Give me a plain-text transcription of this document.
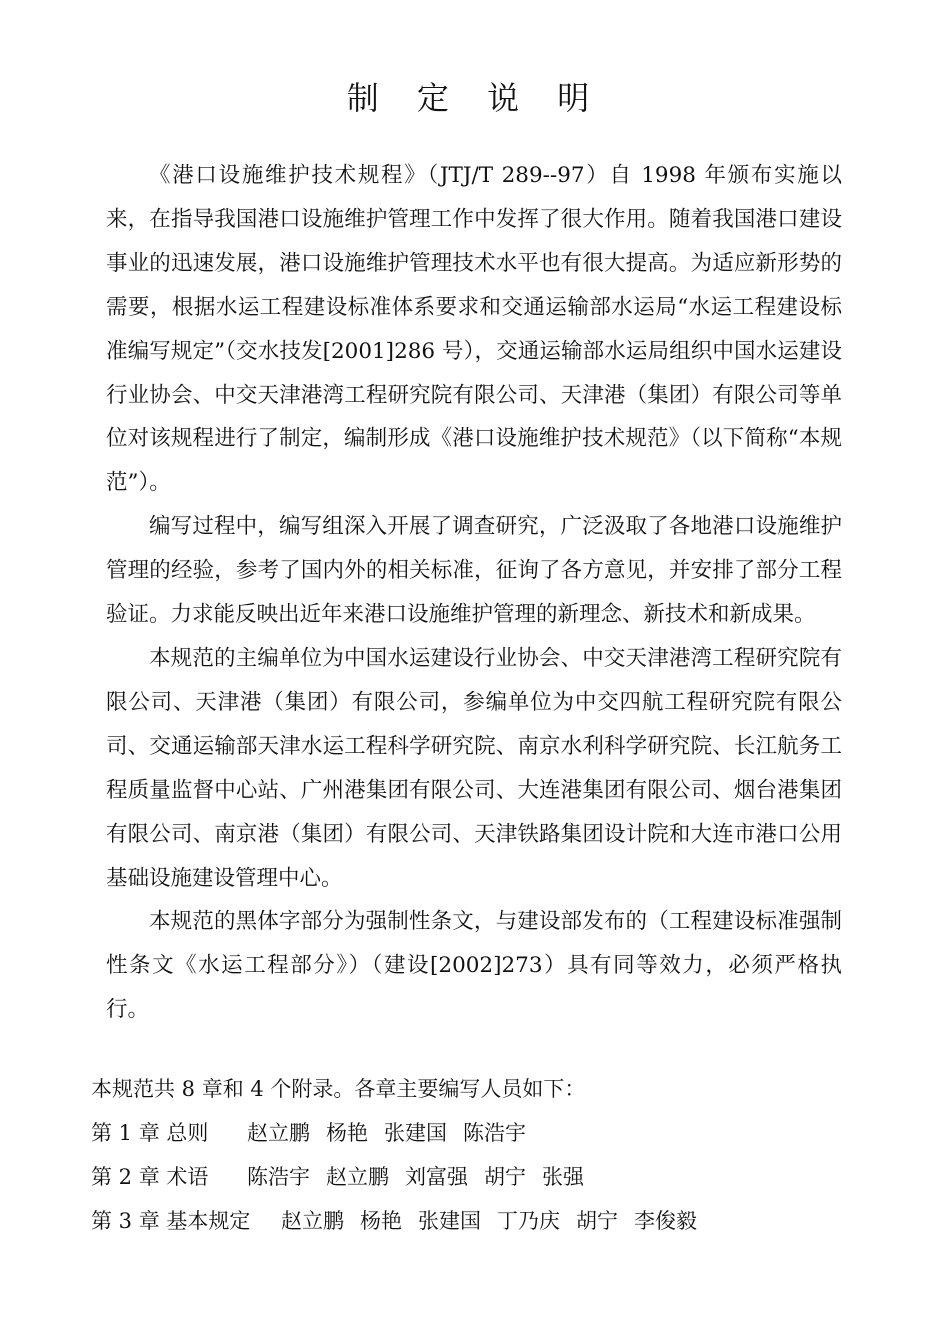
制 定 说 明

《港口设施维护技术规程》（JTJ/T 289--97）自 1998 年颁布实施以来，在指导我国港口设施维护管理工作中发挥了很大作用。随着我国港口建设事业的迅速发展，港口设施维护管理技术水平也有很大提高。为适应新形势的需要，根据水运工程建设标准体系要求和交通运输部水运局“水运工程建设标准编写规定”（交水技发[2001]286 号），交通运输部水运局组织中国水运建设行业协会、中交天津港湾工程研究院有限公司、天津港（集团）有限公司等单位对该规程进行了制定，编制形成《港口设施维护技术规范》（以下简称“本规范”）。

编写过程中，编写组深入开展了调查研究，广泛汲取了各地港口设施维护管理的经验，参考了国内外的相关标准，征询了各方意见，并安排了部分工程验证。力求能反映出近年来港口设施维护管理的新理念、新技术和新成果。

本规范的主编单位为中国水运建设行业协会、中交天津港湾工程研究院有限公司、天津港（集团）有限公司，参编单位为中交四航工程研究院有限公司、交通运输部天津水运工程科学研究院、南京水利科学研究院、长江航务工程质量监督中心站、广州港集团有限公司、大连港集团有限公司、烟台港集团有限公司、南京港（集团）有限公司、天津铁路集团设计院和大连市港口公用基础设施建设管理中心。

本规范的黑体字部分为强制性条文，与建设部发布的（工程建设标准强制性条文《水运工程部分》）（建设[2002]273）具有同等效力，必须严格执行。

本规范共 8 章和 4 个附录。各章主要编写人员如下：

第 1 章 总则	赵立鹏 杨艳 张建国 陈浩宇
第 2 章 术语	陈浩宇 赵立鹏 刘富强 胡宁 张强
第 3 章 基本规定	赵立鹏 杨艳 张建国 丁乃庆 胡宁 李俊毅
